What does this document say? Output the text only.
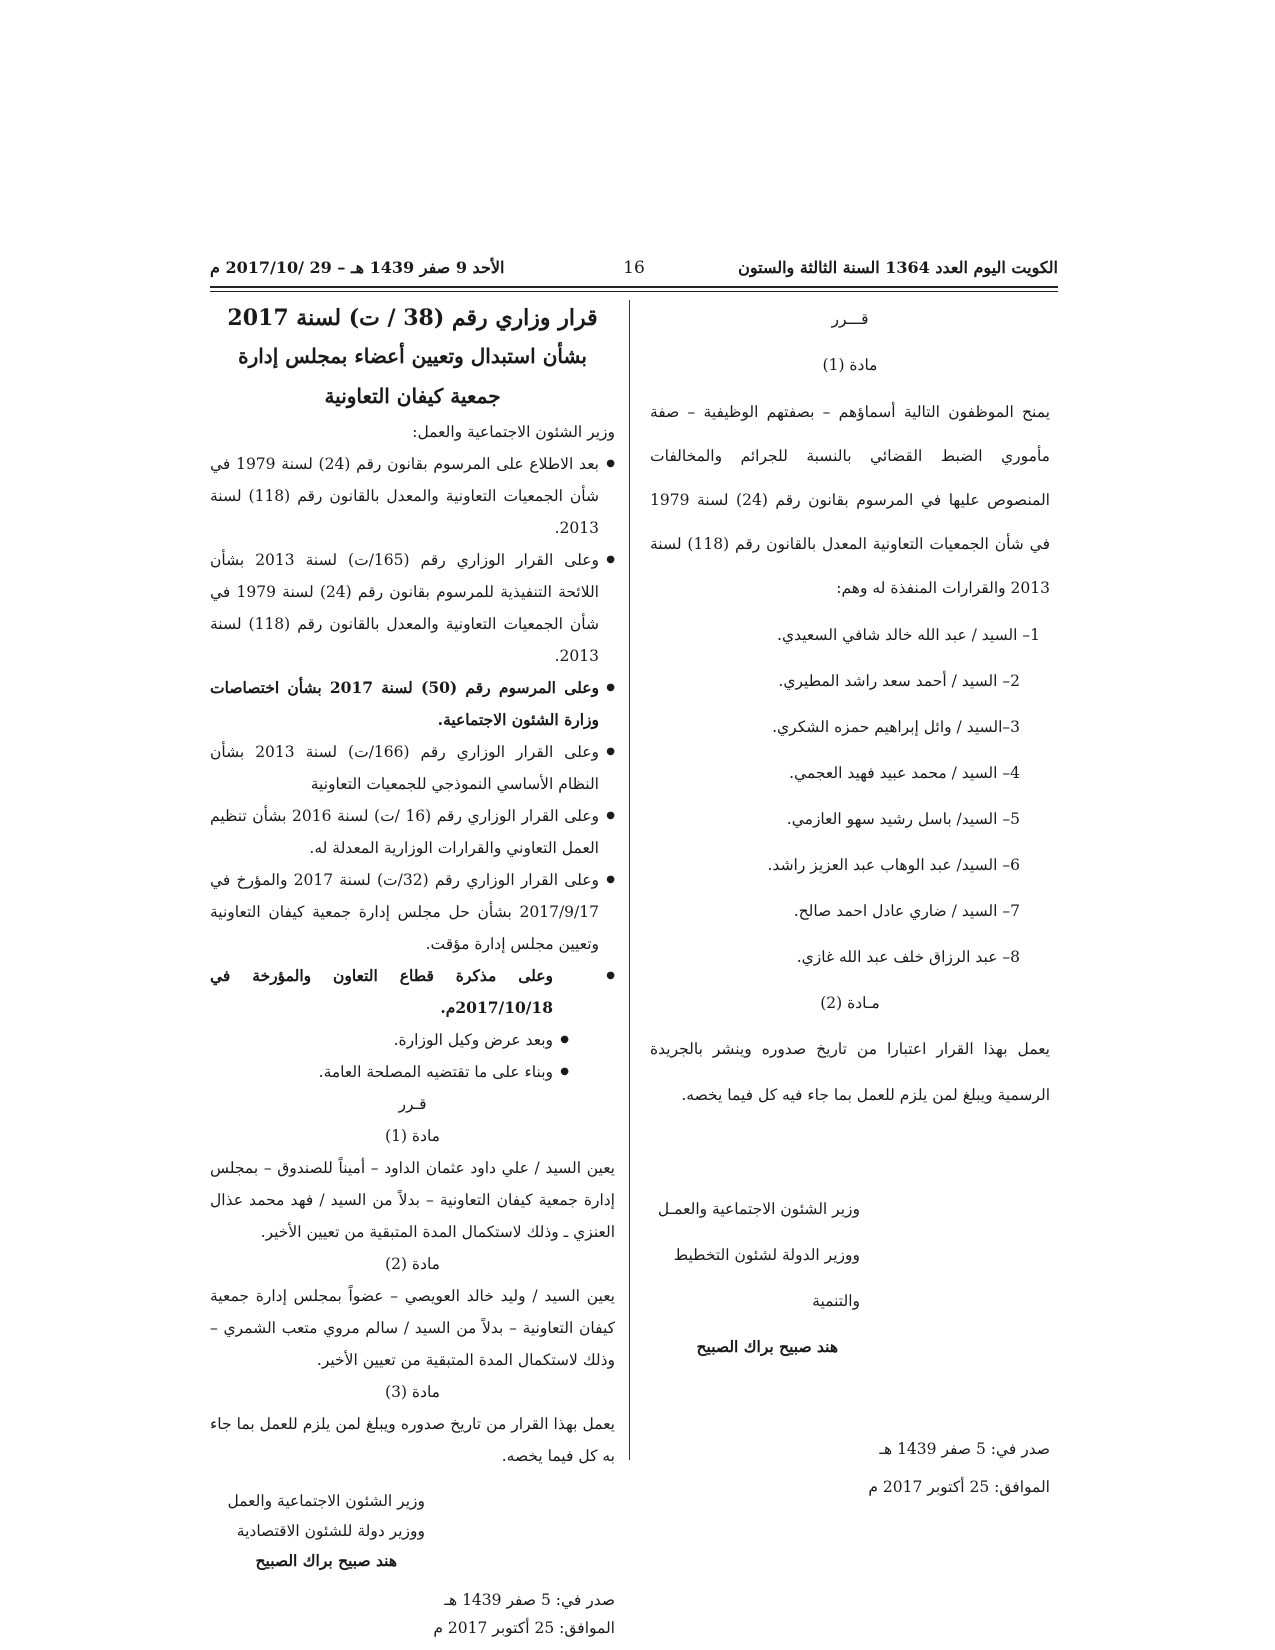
الكويت اليوم العدد 1364 السنة الثالثة والستون
16
الأحد 9 صفر 1439 هـ – 29 /2017/10 م
قـــرر
مادة (1)
يمنح الموظفون التالية أسماؤهم – بصفتهم الوظيفية – صفة مأموري الضبط القضائي بالنسبة للجرائم والمخالفات المنصوص عليها في المرسوم بقانون رقم (24) لسنة 1979 في شأن الجمعيات التعاونية المعدل بالقانون رقم (118) لسنة 2013 والقرارات المنفذة له وهم:
1– السيد / عبد الله خالد شافي السعيدي.
2– السيد / أحمد سعد راشد المطيري.
3–السيد / وائل إبراهيم حمزه الشكري.
4– السيد / محمد عبيد فهيد العجمي.
5– السيد/ باسل رشيد سهو العازمي.
6– السيد/ عبد الوهاب عبد العزيز راشد.
7– السيد / ضاري عادل احمد صالح.
8– عبد الرزاق خلف عبد الله غازي.
مـادة (2)
يعمل بهذا القرار اعتبارا من تاريخ صدوره وينشر بالجريدة الرسمية ويبلغ لمن يلزم للعمل بما جاء فيه كل فيما يخصه.
وزير الشئون الاجتماعية والعمـل
ووزير الدولة لشئون التخطيط والتنمية
هند صبيح براك الصبيح
صدر في: 5 صفر 1439 هـ
الموافق: 25 أكتوبر 2017 م
قرار وزاري رقم (38 / ت) لسنة 2017
بشأن استبدال وتعيين أعضاء بمجلس إدارة
جمعية كيفان التعاونية
وزير الشئون الاجتماعية والعمل:
● بعد الاطلاع على المرسوم بقانون رقم (24) لسنة 1979 في شأن الجمعيات التعاونية والمعدل بالقانون رقم (118) لسنة 2013.
● وعلى القرار الوزاري رقم (165/ت) لسنة 2013 بشأن اللائحة التنفيذية للمرسوم بقانون رقم (24) لسنة 1979 في شأن الجمعيات التعاونية والمعدل بالقانون رقم (118) لسنة 2013.
● وعلى المرسوم رقم (50) لسنة 2017 بشأن اختصاصات وزارة الشئون الاجتماعية.
● وعلى القرار الوزاري رقم (166/ت) لسنة 2013 بشأن النظام الأساسي النموذجي للجمعيات التعاونية
● وعلى القرار الوزاري رقم (16 /ت) لسنة 2016 بشأن تنظيم العمل التعاوني والقرارات الوزارية المعدلة له.
● وعلى القرار الوزاري رقم (32/ت) لسنة 2017 والمؤرخ في 2017/9/17 بشأن حل مجلس إدارة جمعية كيفان التعاونية وتعيين مجلس إدارة مؤقت.
● وعلى مذكرة قطاع التعاون والمؤرخة في 2017/10/18م.
● وبعد عرض وكيل الوزارة.
● وبناء على ما تقتضيه المصلحة العامة.
قـرر
مادة (1)
يعين السيد / علي داود عثمان الداود – أميناً للصندوق – بمجلس إدارة جمعية كيفان التعاونية – بدلاً من السيد / فهد محمد عذال العنزي ـ وذلك لاستكمال المدة المتبقية من تعيين الأخير.
مادة (2)
يعين السيد / وليد خالد العويصي – عضواً بمجلس إدارة جمعية كيفان التعاونية – بدلاً من السيد / سالم مروي متعب الشمري – وذلك لاستكمال المدة المتبقية من تعيين الأخير.
مادة (3)
يعمل بهذا القرار من تاريخ صدوره ويبلغ لمن يلزم للعمل بما جاء به كل فيما يخصه.
وزير الشئون الاجتماعية والعمل
ووزير دولة للشئون الاقتصادية
هند صبيح براك الصبيح
صدر في: 5 صفر 1439 هـ
الموافق: 25 أكتوبر 2017 م
